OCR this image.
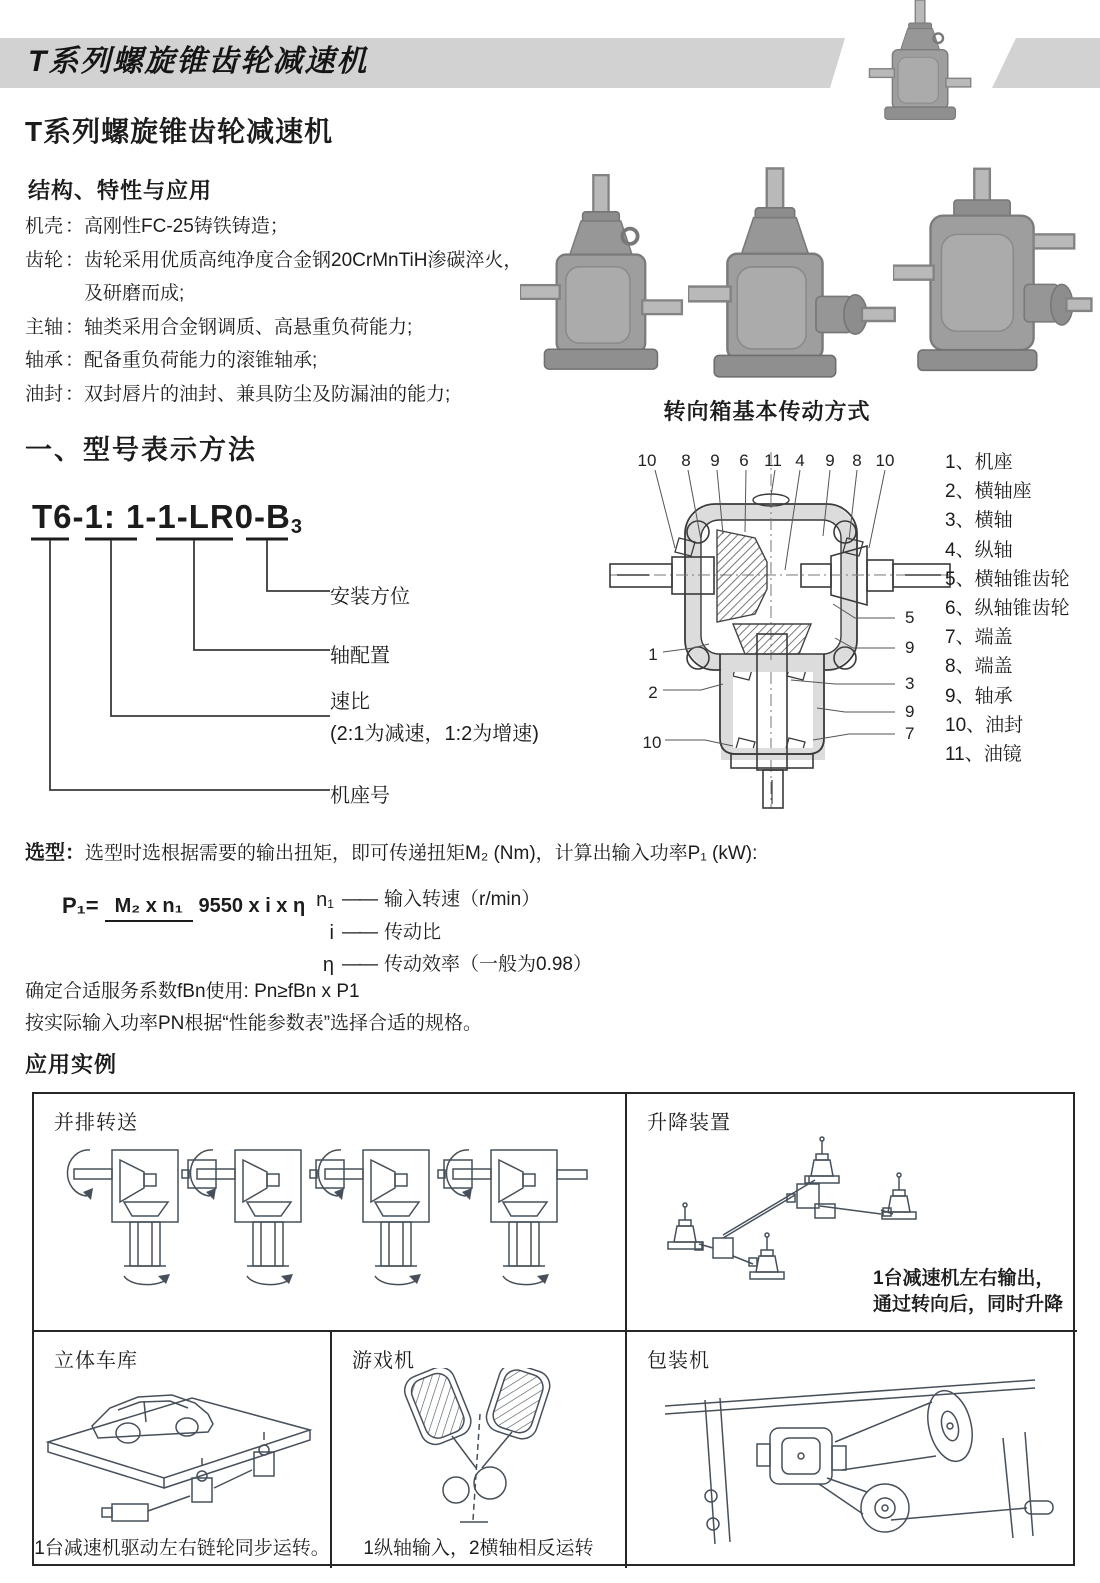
T系列螺旋锥齿轮减速机
T系列螺旋锥齿轮减速机
结构、特性与应用
机壳 ： 高刚性FC-25铸铁铸造；
齿轮 ： 齿轮采用优质高纯净度合金钢20CrMnTiH渗碳淬火，
及研磨而成;
主轴 ： 轴类采用合金钢调质、高悬重负荷能力;
轴承 ： 配备重负荷能力的滚锥轴承;
油封 ： 双封唇片的油封、兼具防尘及防漏油的能力;
转向箱基本传动方式
一、型号表示方法
T6-1: 1-1-LR0-B3
安装方位
轴配置
速比
(2:1为减速，1:2为增速)
机座号
10 8 9 6 11 4 9 8 10
1
2
10
5
9
3
9
7
1、机座
2、横轴座
3、横轴
4、纵轴
5、横轴锥齿轮
6、纵轴锥齿轮
7、端盖
8、端盖
9、轴承
10、油封
11、油镜
选型：选型时选根据需要的输出扭矩，即可传递扭矩M₂ (Nm)，计算出输入功率P₁ (kW):
P₁= M₂ x n₁ 9550 x i x η n₁ —— 输入转速（r/min）
i —— 传动比
η —— 传动效率（一般为0.98）
确定合适服务系数fBn使用: Pn≥fBn x P1
按实际输入功率PN根据“性能参数表”选择合适的规格。
应用实例
并排转送	升降装置
1台减速机左右输出，
通过转向后，同时升降
立体车库
1台减速机驱动左右链轮同步运转。
游戏机
1纵轴输入，2横轴相反运转
包装机
